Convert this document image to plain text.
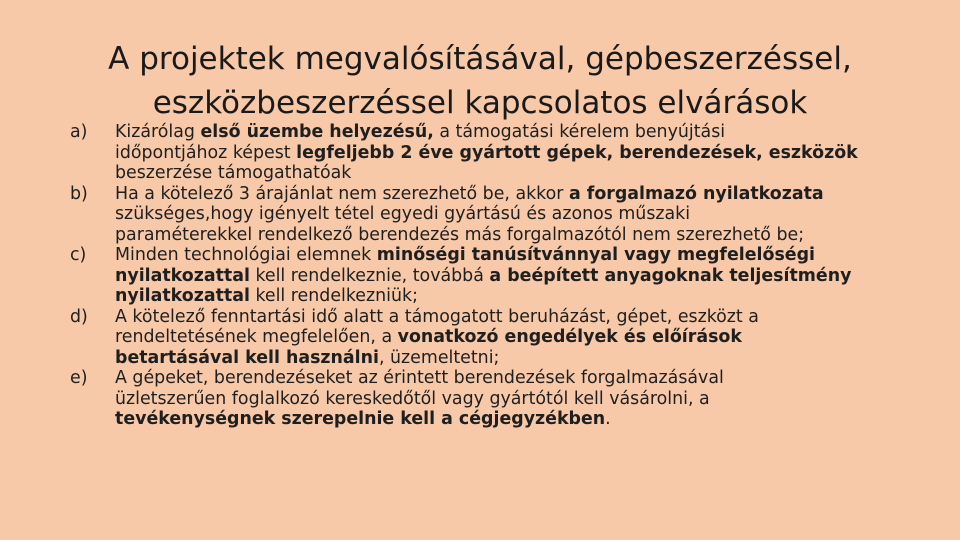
A projektek megvalósításával, gépbeszerzéssel,
eszközbeszerzéssel kapcsolatos elvárások
a) Kizárólag első üzembe helyezésű, a támogatási kérelem benyújtási
időpontjához képest legfeljebb 2 éve gyártott gépek, berendezések, eszközök
beszerzése támogathatóak
b) Ha a kötelező 3 árajánlat nem szerezhető be, akkor a forgalmazó nyilatkozata
szükséges,hogy igényelt tétel egyedi gyártású és azonos műszaki
paraméterekkel rendelkező berendezés más forgalmazótól nem szerezhető be;
c) Minden technológiai elemnek minőségi tanúsítvánnyal vagy megfelelőségi
nyilatkozattal kell rendelkeznie, továbbá a beépített anyagoknak teljesítmény
nyilatkozattal kell rendelkezniük;
d) A kötelező fenntartási idő alatt a támogatott beruházást, gépet, eszközt a
rendeltetésének megfelelően, a vonatkozó engedélyek és előírások
betartásával kell használni, üzemeltetni;
e) A gépeket, berendezéseket az érintett berendezések forgalmazásával
üzletszerűen foglalkozó kereskedőtől vagy gyártótól kell vásárolni, a
tevékenységnek szerepelnie kell a cégjegyzékben.
